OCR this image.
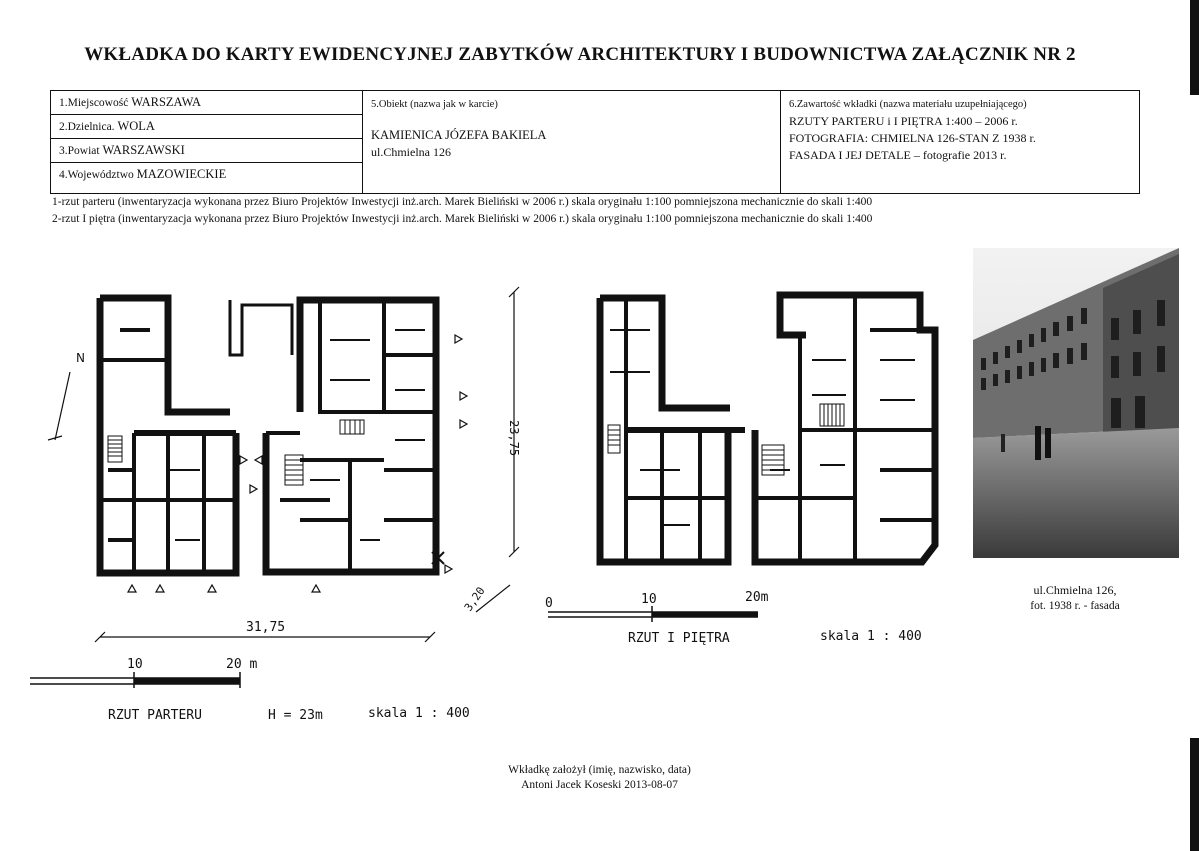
WKŁADKA DO KARTY EWIDENCYJNEJ ZABYTKÓW ARCHITEKTURY I BUDOWNICTWA ZAŁĄCZNIK NR 2
1.Miejscowość WARSZAWA
2.Dzielnica. WOLA
3.Powiat WARSZAWSKI
4.Województwo MAZOWIECKIE
5.Obiekt (nazwa jak w karcie)
KAMIENICA JÓZEFA BAKIELA
ul.Chmielna 126
6.Zawartość wkładki (nazwa materiału uzupełniającego)
RZUTY PARTERU i I PIĘTRA 1:400 – 2006 r.
FOTOGRAFIA: CHMIELNA 126-STAN Z 1938 r.
FASADA I JEJ DETALE – fotografie 2013 r.
1-rzut parteru (inwentaryzacja wykonana przez Biuro Projektów Inwestycji inż.arch. Marek Bieliński w 2006 r.) skala oryginału 1:100 pomniejszona mechanicznie do skali 1:400
2-rzut I piętra (inwentaryzacja wykonana przez Biuro Projektów Inwestycji inż.arch. Marek Bieliński w 2006 r.) skala oryginału 1:100 pomniejszona mechanicznie do skali 1:400
N
23,75
3,20
31,75
10	20 m
RZUT PARTERU	H = 23m	skala 1 : 400
0	10	20m
RZUT I PIĘTRA	skala 1 : 400
ul.Chmielna 126,
fot. 1938 r. - fasada
Wkładkę założył (imię, nazwisko, data)
Antoni Jacek Koseski 2013-08-07
